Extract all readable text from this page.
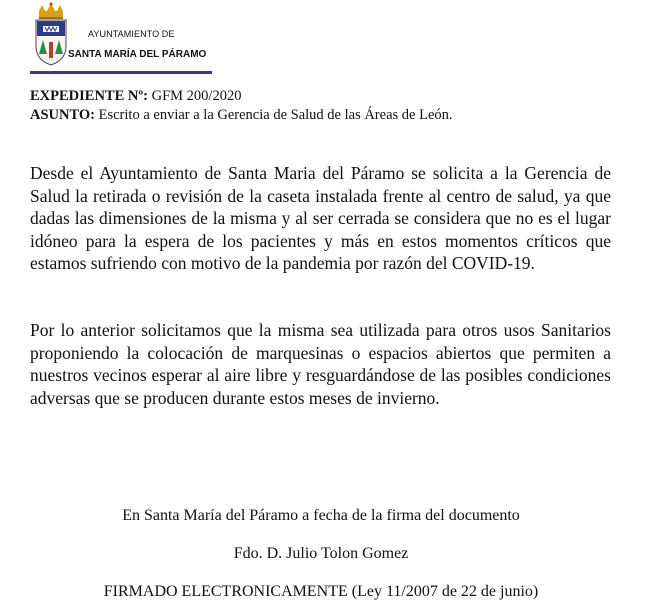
AYUNTAMIENTO DE
SANTA MARÍA DEL PÁRAMO
EXPEDIENTE Nº: GFM 200/2020
ASUNTO: Escrito a enviar a la Gerencia de Salud de las Áreas de León.

Desde el Ayuntamiento de Santa Maria del Páramo se solicita a la Gerencia de Salud la retirada o revisión de la caseta instalada frente al centro de salud, ya que dadas las dimensiones de la misma y al ser cerrada se considera que no es el lugar idóneo para la espera de los pacientes y más en estos momentos críticos que estamos sufriendo con motivo de la pandemia por razón del COVID-19.

Por lo anterior solicitamos que la misma sea utilizada para otros usos Sanitarios proponiendo la colocación de marquesinas o espacios abiertos que permiten a nuestros vecinos esperar al aire libre y resguardándose de las posibles condiciones adversas que se producen durante estos meses de invierno.

En Santa María del Páramo a fecha de la firma del documento
Fdo. D. Julio Tolon Gomez
FIRMADO ELECTRONICAMENTE (Ley 11/2007 de 22 de junio)
